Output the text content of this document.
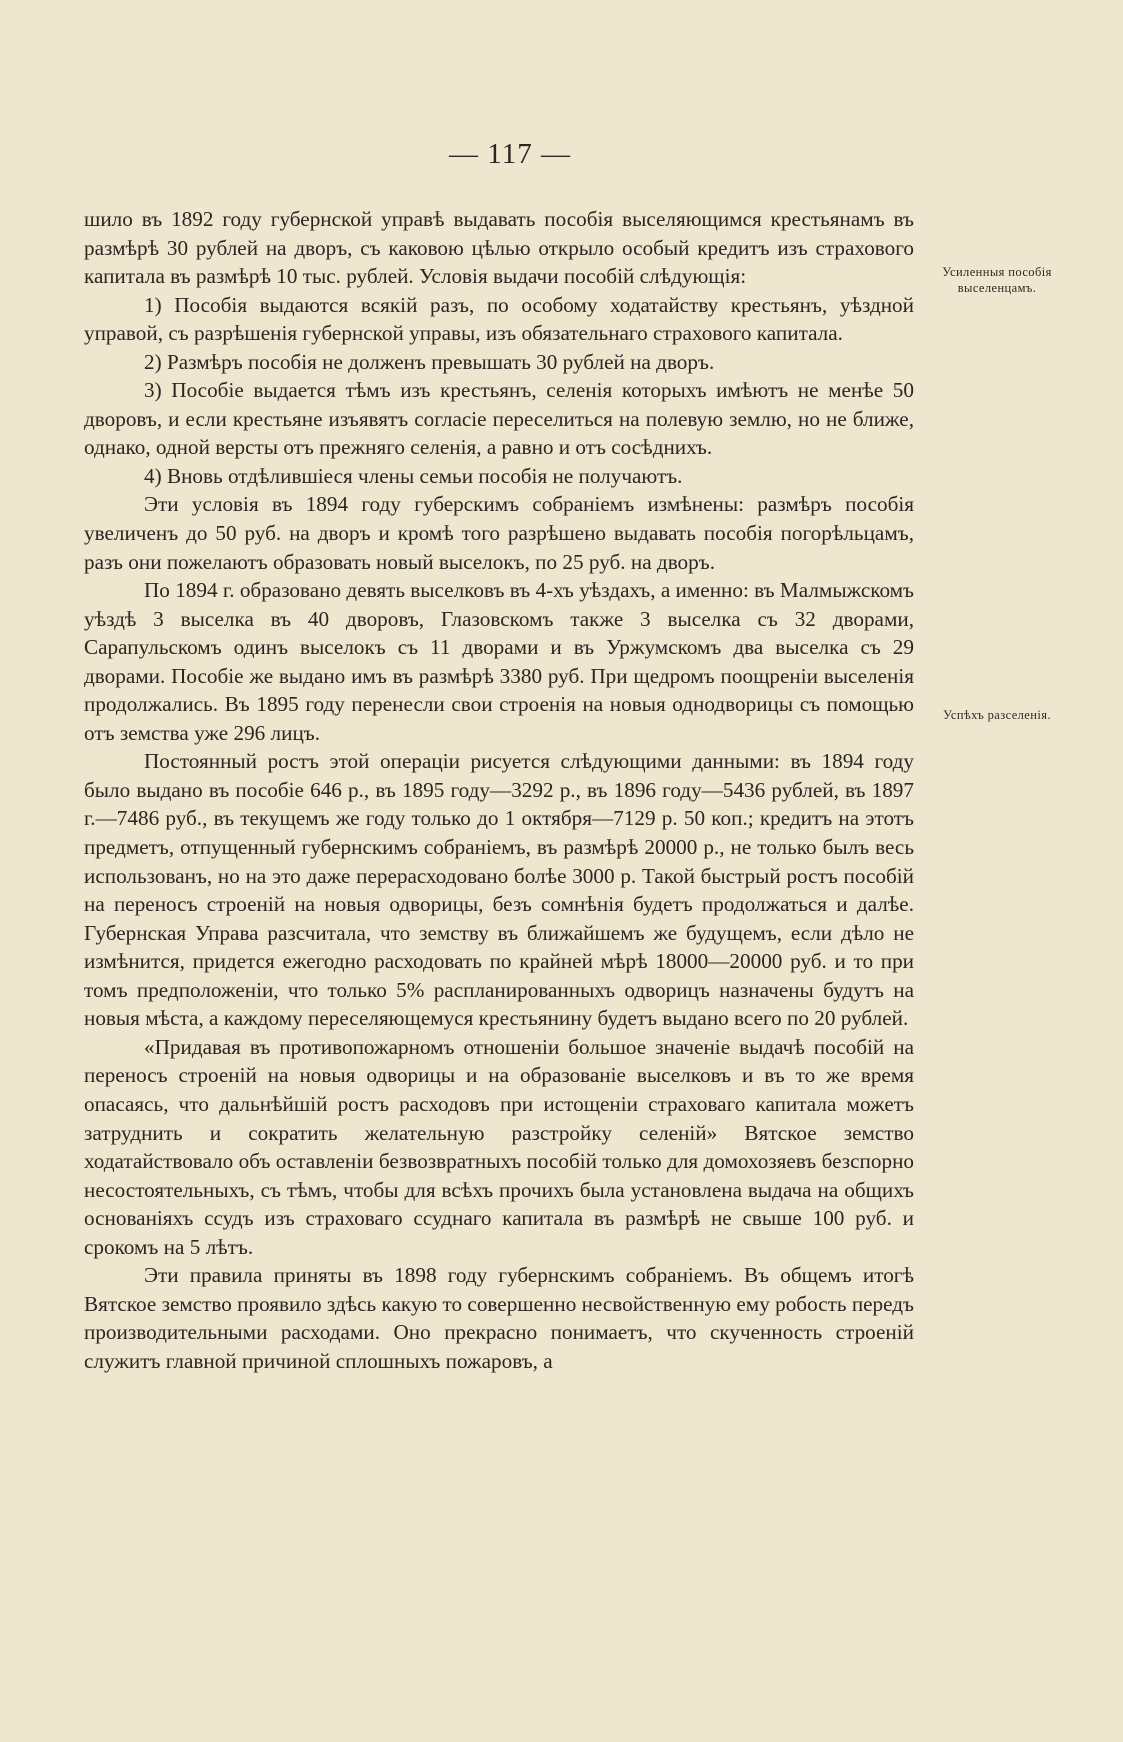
— 117 —

шило въ 1892 году губернской управѣ выдавать пособія выселяющимся крестьянамъ въ размѣрѣ 30 рублей на дворъ, съ каковою цѣлью открыло особый кредитъ изъ страхового капитала въ размѣрѣ 10 тыс. рублей. Условія выдачи пособій слѣдующія:

1) Пособія выдаются всякій разъ, по особому ходатайству крестьянъ, уѣздной управой, съ разрѣшенія губернской управы, изъ обязательнаго страхового капитала.

2) Размѣръ пособія не долженъ превышать 30 рублей на дворъ.

3) Пособіе выдается тѣмъ изъ крестьянъ, селенія которыхъ имѣютъ не менѣе 50 дворовъ, и если крестьяне изъявятъ согласіе переселиться на полевую землю, но не ближе, однако, одной версты отъ прежняго селенія, а равно и отъ сосѣднихъ.

4) Вновь отдѣлившіеся члены семьи пособія не получаютъ.

Эти условія въ 1894 году губерскимъ собраніемъ измѣнены: размѣръ пособія увеличенъ до 50 руб. на дворъ и кромѣ того разрѣшено выдавать пособія погорѣльцамъ, разъ они пожелаютъ образовать новый выселокъ, по 25 руб. на дворъ.

По 1894 г. образовано девять выселковъ въ 4-хъ уѣздахъ, а именно: въ Малмыжскомъ уѣздѣ 3 выселка въ 40 дворовъ, Глазовскомъ также 3 выселка съ 32 дворами, Сарапульскомъ одинъ выселокъ съ 11 дворами и въ Уржумскомъ два выселка съ 29 дворами. Пособіе же выдано имъ въ размѣрѣ 3380 руб. При щедромъ поощреніи выселенія продолжались. Въ 1895 году перенесли свои строенія на новыя однодворицы съ помощью отъ земства уже 296 лицъ.

Постоянный ростъ этой операціи рисуется слѣдующими данными: въ 1894 году было выдано въ пособіе 646 р., въ 1895 году—3292 р., въ 1896 году—5436 рублей, въ 1897 г.—7486 руб., въ текущемъ же году только до 1 октября—7129 р. 50 коп.; кредитъ на этотъ предметъ, отпущенный губернскимъ собраніемъ, въ размѣрѣ 20000 р., не только былъ весь использованъ, но на это даже перерасходовано болѣе 3000 р. Такой быстрый ростъ пособій на переносъ строеній на новыя одворицы, безъ сомнѣнія будетъ продолжаться и далѣе. Губернская Управа разсчитала, что земству въ ближайшемъ же будущемъ, если дѣло не измѣнится, придется ежегодно расходовать по крайней мѣрѣ 18000—20000 руб. и то при томъ предположеніи, что только 5% распланированныхъ одворицъ назначены будутъ на новыя мѣста, а каждому переселяющемуся крестьянину будетъ выдано всего по 20 рублей.

«Придавая въ противопожарномъ отношеніи большое значеніе выдачѣ пособій на переносъ строеній на новыя одворицы и на образованіе выселковъ и въ то же время опасаясь, что дальнѣйшій ростъ расходовъ при истощеніи страховаго капитала можетъ затруднить и сократить желательную разстройку селеній» Вятское земство ходатайствовало объ оставленіи безвозвратныхъ пособій только для домохозяевъ безспорно несостоятельныхъ, съ тѣмъ, чтобы для всѣхъ прочихъ была установлена выдача на общихъ основаніяхъ ссудъ изъ страховаго ссуднаго капитала въ размѣрѣ не свыше 100 руб. и срокомъ на 5 лѣтъ.

Эти правила приняты въ 1898 году губернскимъ собраніемъ. Въ общемъ итогѣ Вятское земство проявило здѣсь какую то совершенно несвойственную ему робость передъ производительными расходами. Оно прекрасно понимаетъ, что скученность строеній служитъ главной причиной сплошныхъ пожаровъ, а

Усиленныя пособія выселенцамъ.
Успѣхъ разселенія.
